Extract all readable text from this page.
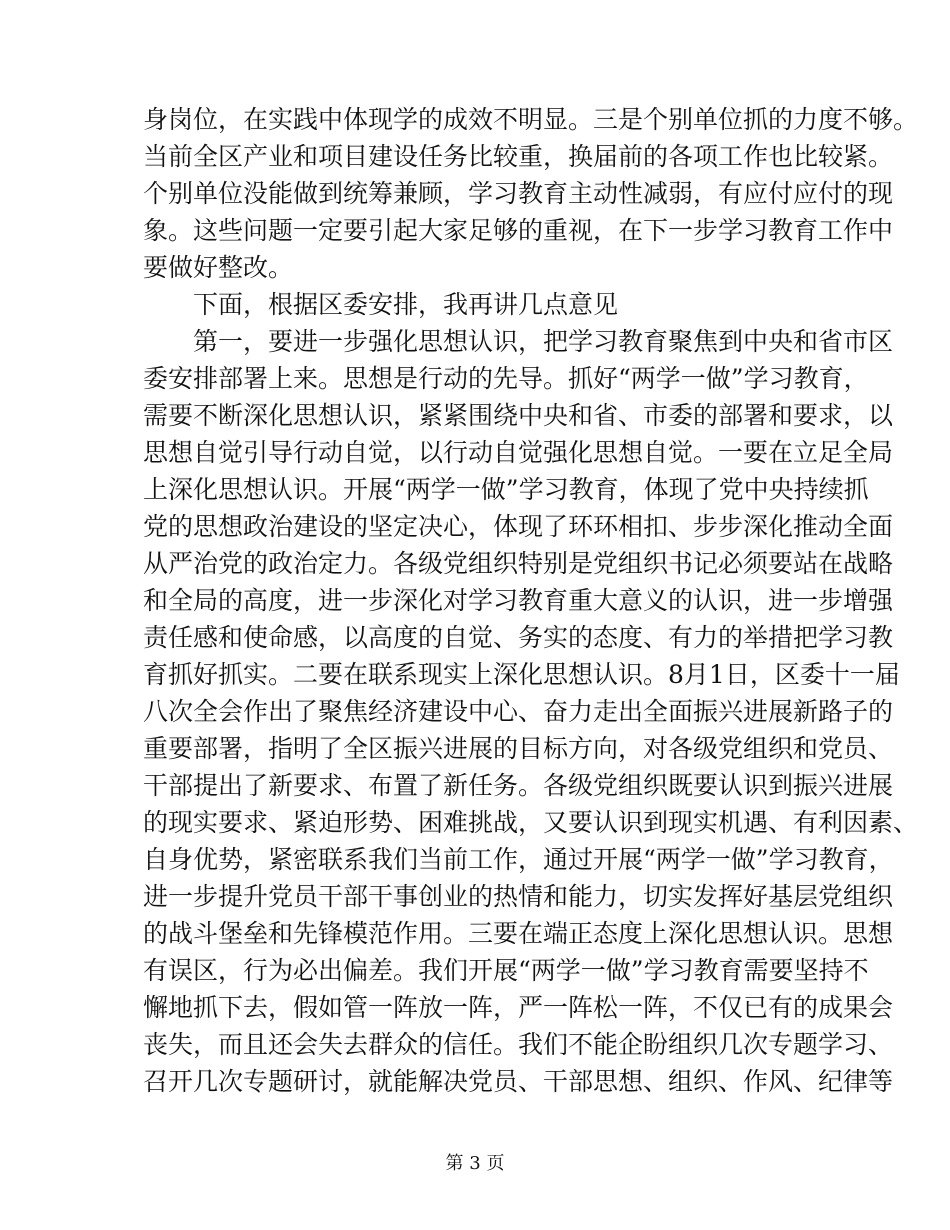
身岗位，在实践中体现学的成效不明显。三是个别单位抓的力度不够。
当前全区产业和项目建设任务比较重，换届前的各项工作也比较紧。
个别单位没能做到统筹兼顾，学习教育主动性减弱，有应付应付的现
象。这些问题一定要引起大家足够的重视，在下一步学习教育工作中
要做好整改。
下面，根据区委安排，我再讲几点意见
第一，要进一步强化思想认识，把学习教育聚焦到中央和省市区
委安排部署上来。思想是行动的先导。抓好“两学一做”学习教育，
需要不断深化思想认识，紧紧围绕中央和省、市委的部署和要求，以
思想自觉引导行动自觉，以行动自觉强化思想自觉。一要在立足全局
上深化思想认识。开展“两学一做”学习教育，体现了党中央持续抓
党的思想政治建设的坚定决心，体现了环环相扣、步步深化推动全面
从严治党的政治定力。各级党组织特别是党组织书记必须要站在战略
和全局的高度，进一步深化对学习教育重大意义的认识，进一步增强
责任感和使命感，以高度的自觉、务实的态度、有力的举措把学习教
育抓好抓实。二要在联系现实上深化思想认识。8月1日，区委十一届
八次全会作出了聚焦经济建设中心、奋力走出全面振兴进展新路子的
重要部署，指明了全区振兴进展的目标方向，对各级党组织和党员、
干部提出了新要求、布置了新任务。各级党组织既要认识到振兴进展
的现实要求、紧迫形势、困难挑战，又要认识到现实机遇、有利因素、
自身优势，紧密联系我们当前工作，通过开展“两学一做”学习教育，
进一步提升党员干部干事创业的热情和能力，切实发挥好基层党组织
的战斗堡垒和先锋模范作用。三要在端正态度上深化思想认识。思想
有误区，行为必出偏差。我们开展“两学一做”学习教育需要坚持不
懈地抓下去，假如管一阵放一阵，严一阵松一阵，不仅已有的成果会
丧失，而且还会失去群众的信任。我们不能企盼组织几次专题学习、
召开几次专题研讨，就能解决党员、干部思想、组织、作风、纪律等
第 3 页
